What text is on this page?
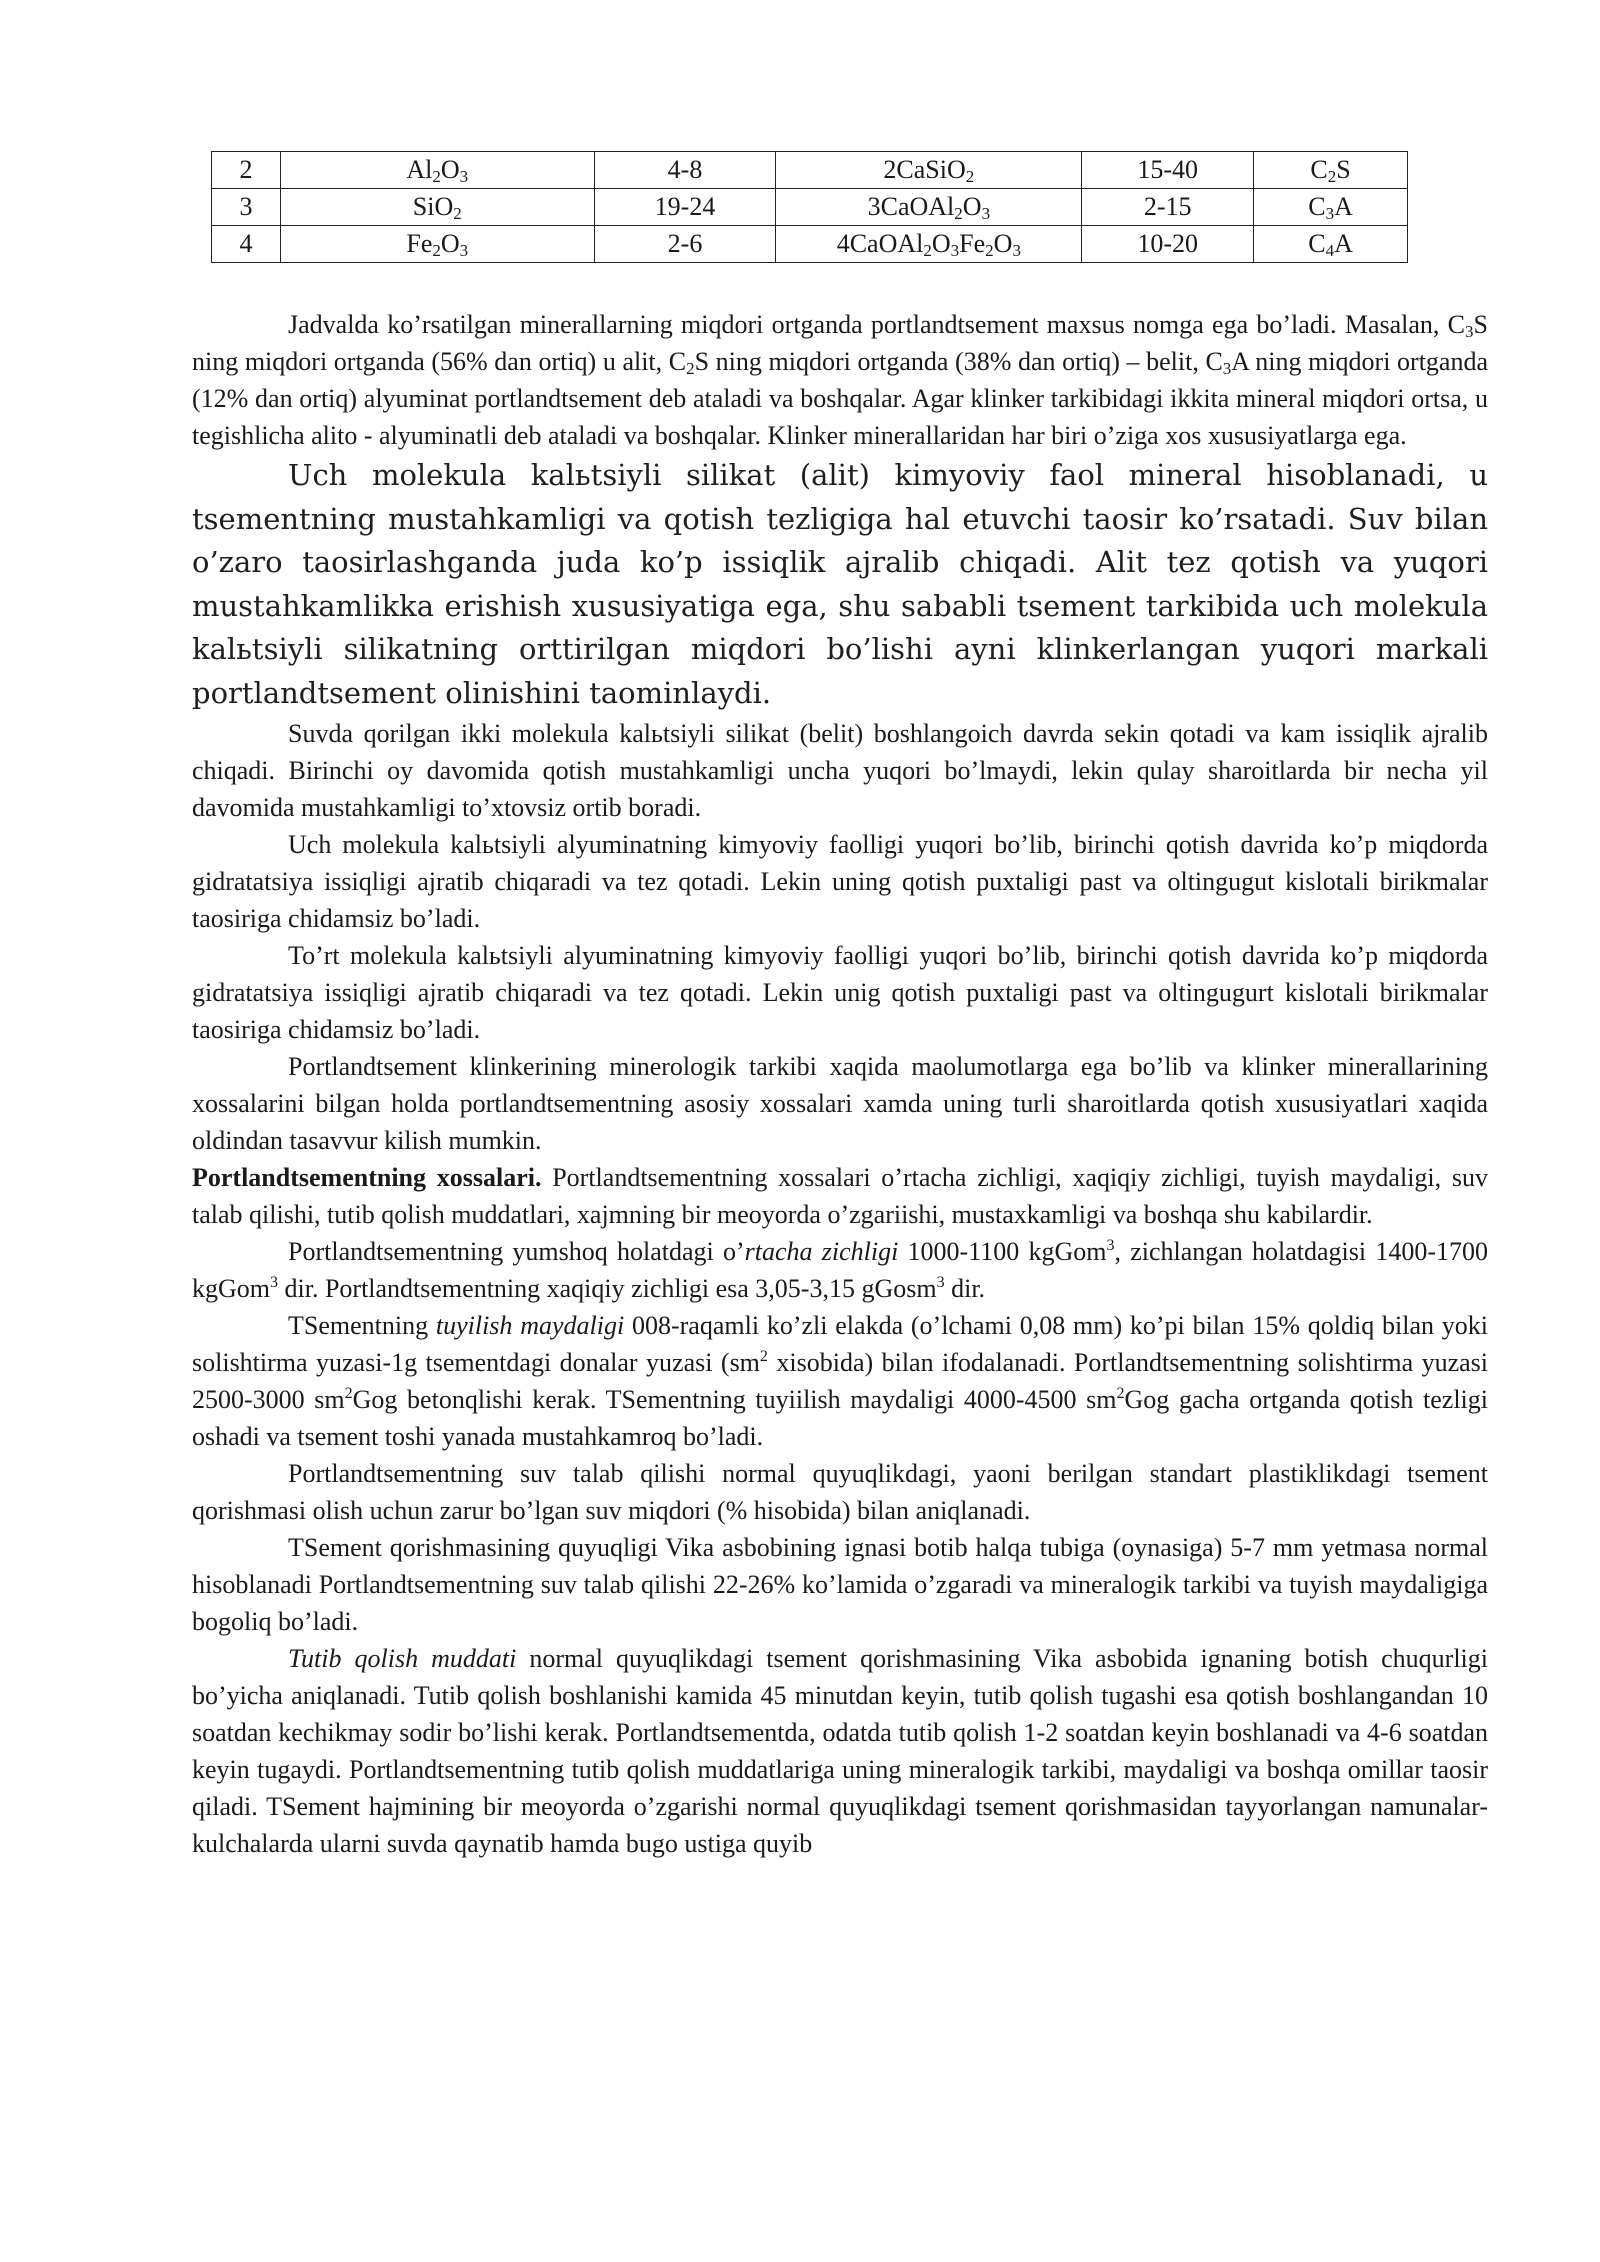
2	$Al_2O_3$	4-8	2CaSiO$_2$	15-40	$C_2S$
3	SiO$_2$	19-24	$3CaOAl_2O_3$	2-15	$C_3A$
4	$Fe_2O_3$	2-6	$4CaOAl_2O_3Fe_2O_3$	10-20	$C_4A$

Jadvalda ko’rsatilgan minerallarning miqdori ortganda portlandtsement maxsus nomga ega bo’ladi. Masalan, $C_3S$ ning miqdori ortganda (56% dan ortiq) u alit, $C_2S$ ning miqdori ortganda (38% dan ortiq) – belit, $C_3A$ ning miqdori ortganda (12% dan ortiq) alyuminat portlandtsement deb ataladi va boshqalar. Agar klinker tarkibidagi ikkita mineral miqdori ortsa, u tegishlicha alito - alyuminatli deb ataladi va boshqalar. Klinker minerallaridan har biri o’ziga xos xususiyatlarga ega.

Uch molekula kalьtsiyli silikat (alit) kimyoviy faol mineral hisoblanadi, u tsementning mustahkamligi va qotish tezligiga hal etuvchi taosir ko’rsatadi. Suv bilan o’zaro taosirlashganda juda ko’p issiqlik ajralib chiqadi. Alit tez qotish va yuqori mustahkamlikka erishish xususiyatiga ega, shu sababli tsement tarkibida uch molekula kalьtsiyli silikatning orttirilgan miqdori bo’lishi ayni klinkerlangan yuqori markali portlandtsement olinishini taominlaydi.

Suvda qorilgan ikki molekula kalьtsiyli silikat (belit) boshlangoich davrda sekin qotadi va kam issiqlik ajralib chiqadi. Birinchi oy davomida qotish mustahkamligi uncha yuqori bo’lmaydi, lekin qulay sharoitlarda bir necha yil davomida mustahkamligi to’xtovsiz ortib boradi.

Uch molekula kalьtsiyli alyuminatning kimyoviy faolligi yuqori bo’lib, birinchi qotish davrida ko’p miqdorda gidratatsiya issiqligi ajratib chiqaradi va tez qotadi. Lekin uning qotish puxtaligi past va oltingugut kislotali birikmalar taosiriga chidamsiz bo’ladi.

To’rt molekula kalьtsiyli alyuminatning kimyoviy faolligi yuqori bo’lib, birinchi qotish davrida ko’p miqdorda gidratatsiya issiqligi ajratib chiqaradi va tez qotadi. Lekin unig qotish puxtaligi past va oltingugurt kislotali birikmalar taosiriga chidamsiz bo’ladi.

Portlandtsement klinkerining minerologik tarkibi xaqida maolumotlarga ega bo’lib va klinker minerallarining xossalarini bilgan holda portlandtsementning asosiy xossalari xamda uning turli sharoitlarda qotish xususiyatlari xaqida oldindan tasavvur kilish mumkin.

Portlandtsementning xossalari. Portlandtsementning xossalari o’rtacha zichligi, xaqiqiy zichligi, tuyish maydaligi, suv talab qilishi, tutib qolish muddatlari, xajmning bir meoyorda o’zgariishi, mustaxkamligi va boshqa shu kabilardir.

Portlandtsementning yumshoq holatdagi o’rtacha zichligi 1000-1100 kgGom$^3$, zichlangan holatdagisi 1400-1700 kgGom$^3$ dir. Portlandtsementning xaqiqiy zichligi esa 3,05-3,15 gGosm$^3$ dir.

TSementning tuyilish maydaligi 008-raqamli ko’zli elakda (o’lchami 0,08 mm) ko’pi bilan 15% qoldiq bilan yoki solishtirma yuzasi-1g tsementdagi donalar yuzasi ($sm^2$ xisobida) bilan ifodalanadi. Portlandtsementning solishtirma yuzasi 2500-3000 $sm^2Gog$ betonqlishi kerak. TSementning tuyiilish maydaligi 4000-4500 $sm^2Gog$ gacha ortganda qotish tezligi oshadi va tsement toshi yanada mustahkamroq bo’ladi.

Portlandtsementning suv talab qilishi normal quyuqlikdagi, yaoni berilgan standart plastiklikdagi tsement qorishmasi olish uchun zarur bo’lgan suv miqdori (% hisobida) bilan aniqlanadi.

TSement qorishmasining quyuqligi Vika asbobining ignasi botib halqa tubiga (oynasiga) 5-7 mm yetmasa normal hisoblanadi Portlandtsementning suv talab qilishi 22-26% ko’lamida o’zgaradi va mineralogik tarkibi va tuyish maydaligiga bogoliq bo’ladi.

Tutib qolish muddati normal quyuqlikdagi tsement qorishmasining Vika asbobida ignaning botish chuqurligi bo’yicha aniqlanadi. Tutib qolish boshlanishi kamida 45 minutdan keyin, tutib qolish tugashi esa qotish boshlangandan 10 soatdan kechikmay sodir bo’lishi kerak. Portlandtsementda, odatda tutib qolish 1-2 soatdan keyin boshlanadi va 4-6 soatdan keyin tugaydi. Portlandtsementning tutib qolish muddatlariga uning mineralogik tarkibi, maydaligi va boshqa omillar taosir qiladi. TSement hajmining bir meoyorda o’zgarishi normal quyuqlikdagi tsement qorishmasidan tayyorlangan namunalar-kulchalarda ularni suvda qaynatib hamda bugo ustiga quyib
